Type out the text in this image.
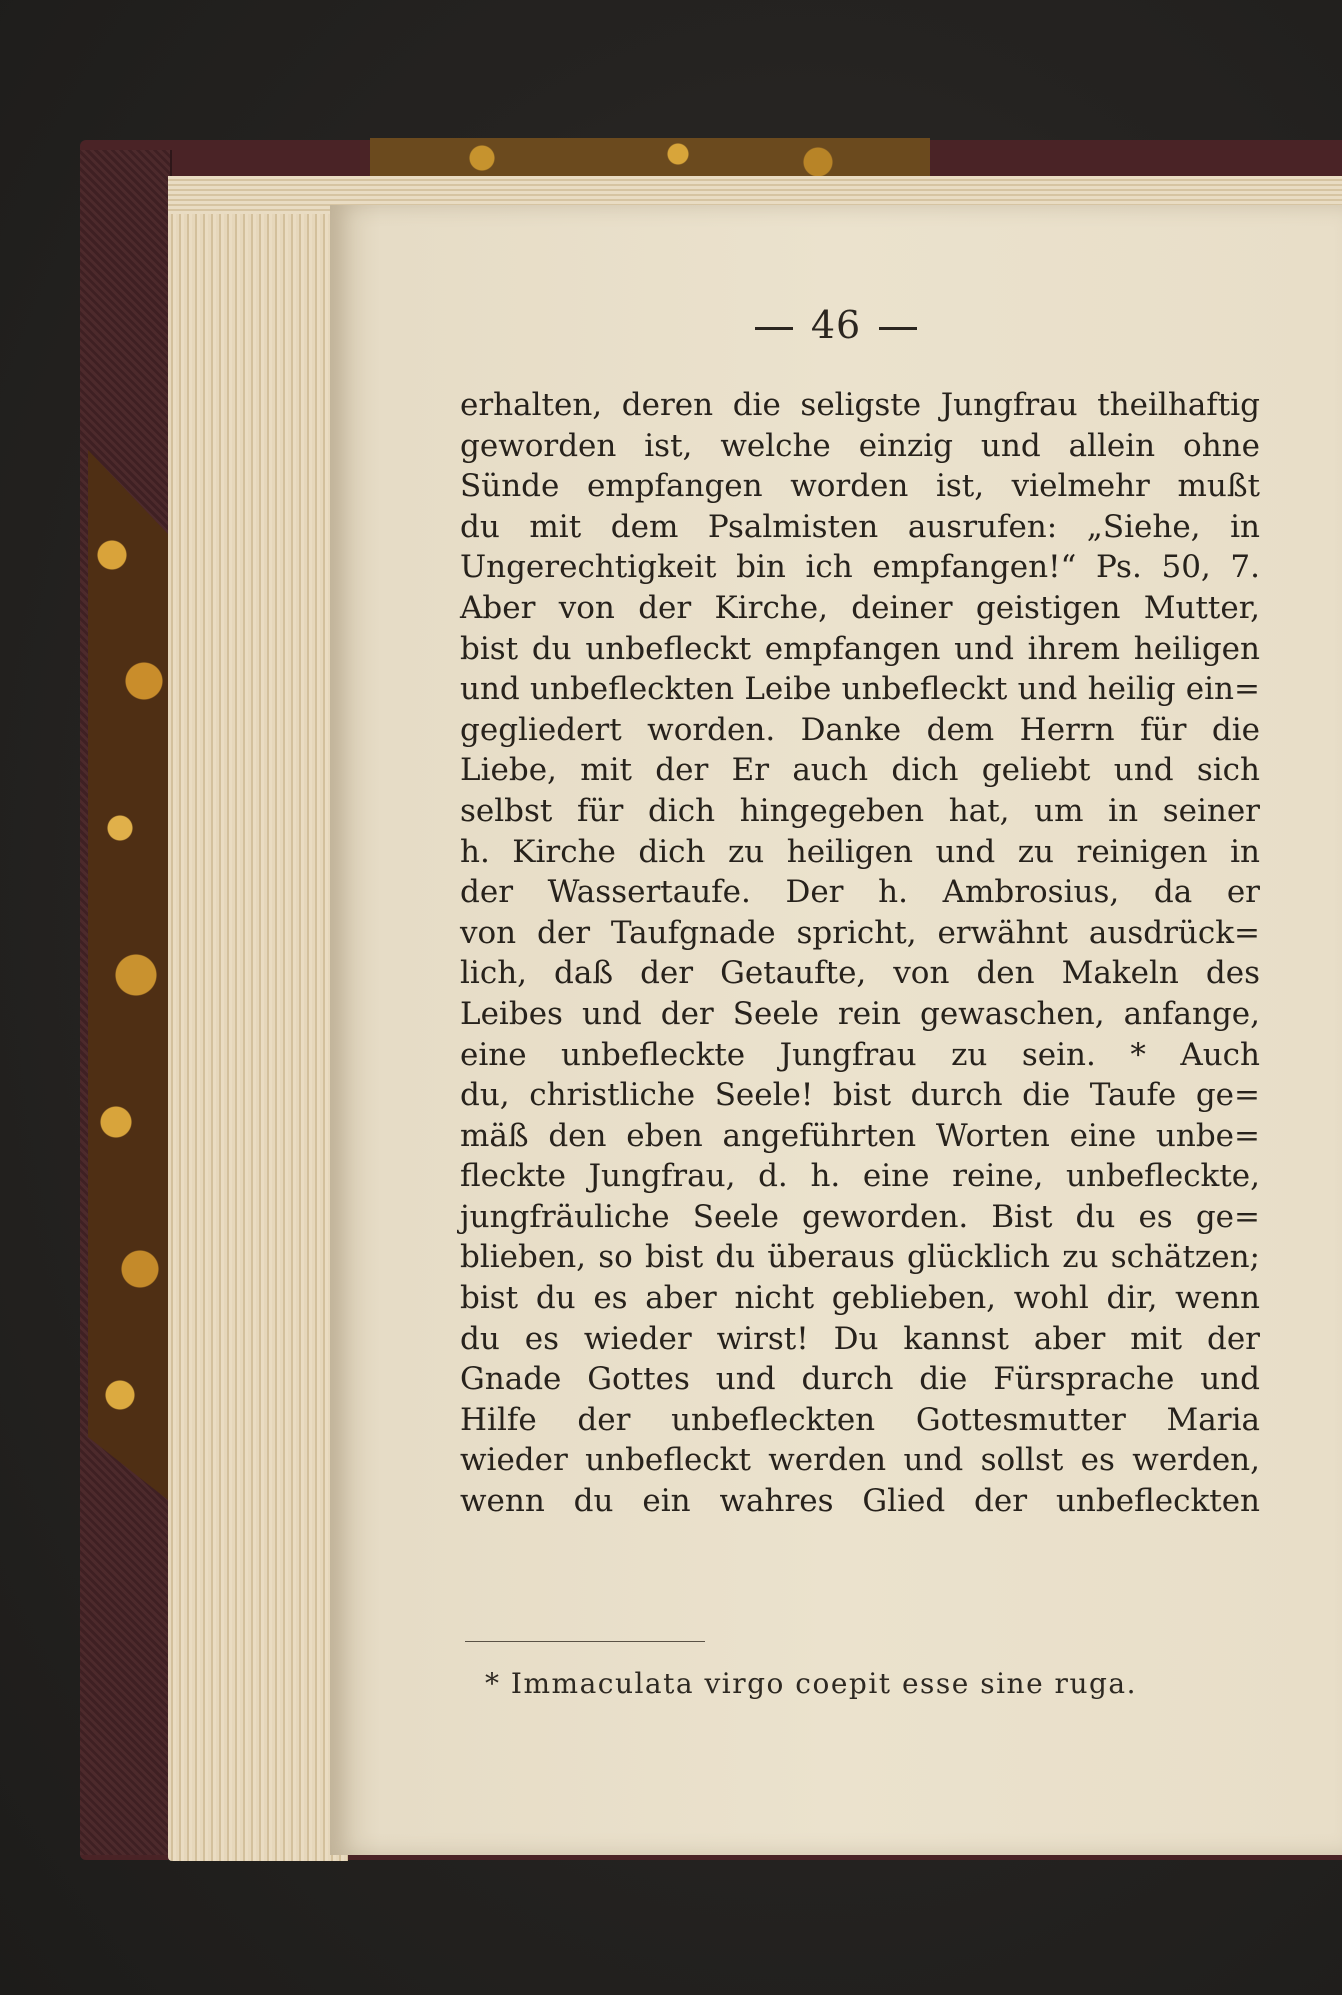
46
erhalten, deren die seligste Jungfrau theilhaftig
geworden ist, welche einzig und allein ohne
Sünde empfangen worden ist, vielmehr mußt
du mit dem Psalmisten ausrufen: „Siehe, in
Ungerechtigkeit bin ich empfangen!“ Ps. 50, 7.
Aber von der Kirche, deiner geistigen Mutter,
bist du unbefleckt empfangen und ihrem heiligen
und unbefleckten Leibe unbefleckt und heilig ein=
gegliedert worden. Danke dem Herrn für die
Liebe, mit der Er auch dich geliebt und sich
selbst für dich hingegeben hat, um in seiner
h. Kirche dich zu heiligen und zu reinigen in
der Wassertaufe. Der h. Ambrosius, da er
von der Taufgnade spricht, erwähnt ausdrück=
lich, daß der Getaufte, von den Makeln des
Leibes und der Seele rein gewaschen, anfange,
eine unbefleckte Jungfrau zu sein. * Auch
du, christliche Seele! bist durch die Taufe ge=
mäß den eben angeführten Worten eine unbe=
fleckte Jungfrau, d. h. eine reine, unbefleckte,
jungfräuliche Seele geworden. Bist du es ge=
blieben, so bist du überaus glücklich zu schätzen;
bist du es aber nicht geblieben, wohl dir, wenn
du es wieder wirst! Du kannst aber mit der
Gnade Gottes und durch die Fürsprache und
Hilfe der unbefleckten Gottesmutter Maria
wieder unbefleckt werden und sollst es werden,
wenn du ein wahres Glied der unbefleckten
* Immaculata virgo coepit esse sine ruga.
